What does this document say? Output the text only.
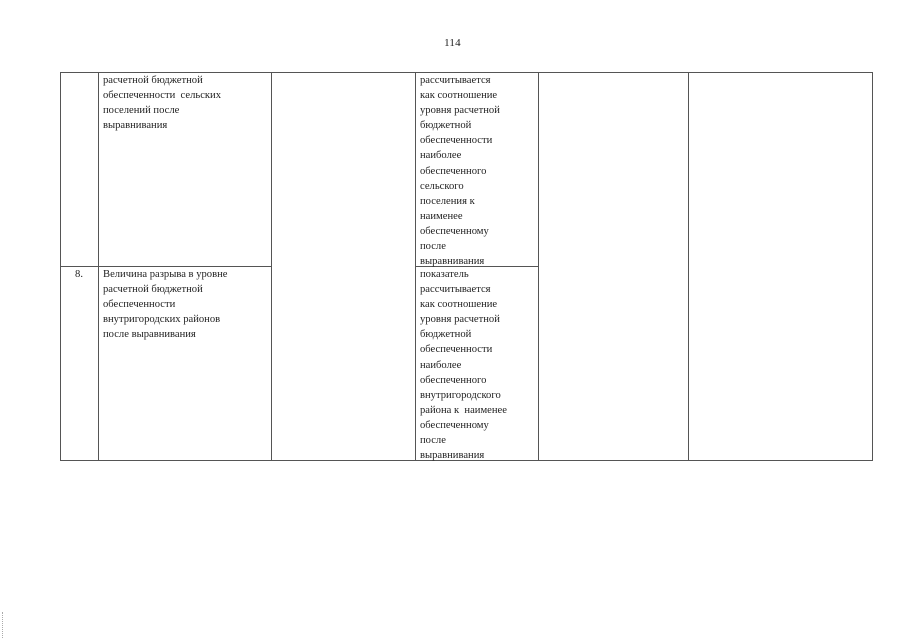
114
расчетной бюджетной
обеспеченности  сельских
поселений после
выравнивания
рассчитывается
как соотношение
уровня расчетной
бюджетной
обеспеченности
наиболее
обеспеченного
сельского
поселения к
наименее
обеспеченному
после
выравнивания
8.	Величина разрыва в уровне
расчетной бюджетной
обеспеченности
внутригородских районов
после выравнивания
показатель
рассчитывается
как соотношение
уровня расчетной
бюджетной
обеспеченности
наиболее
обеспеченного
внутригородского
района к  наименее
обеспеченному
после
выравнивания
